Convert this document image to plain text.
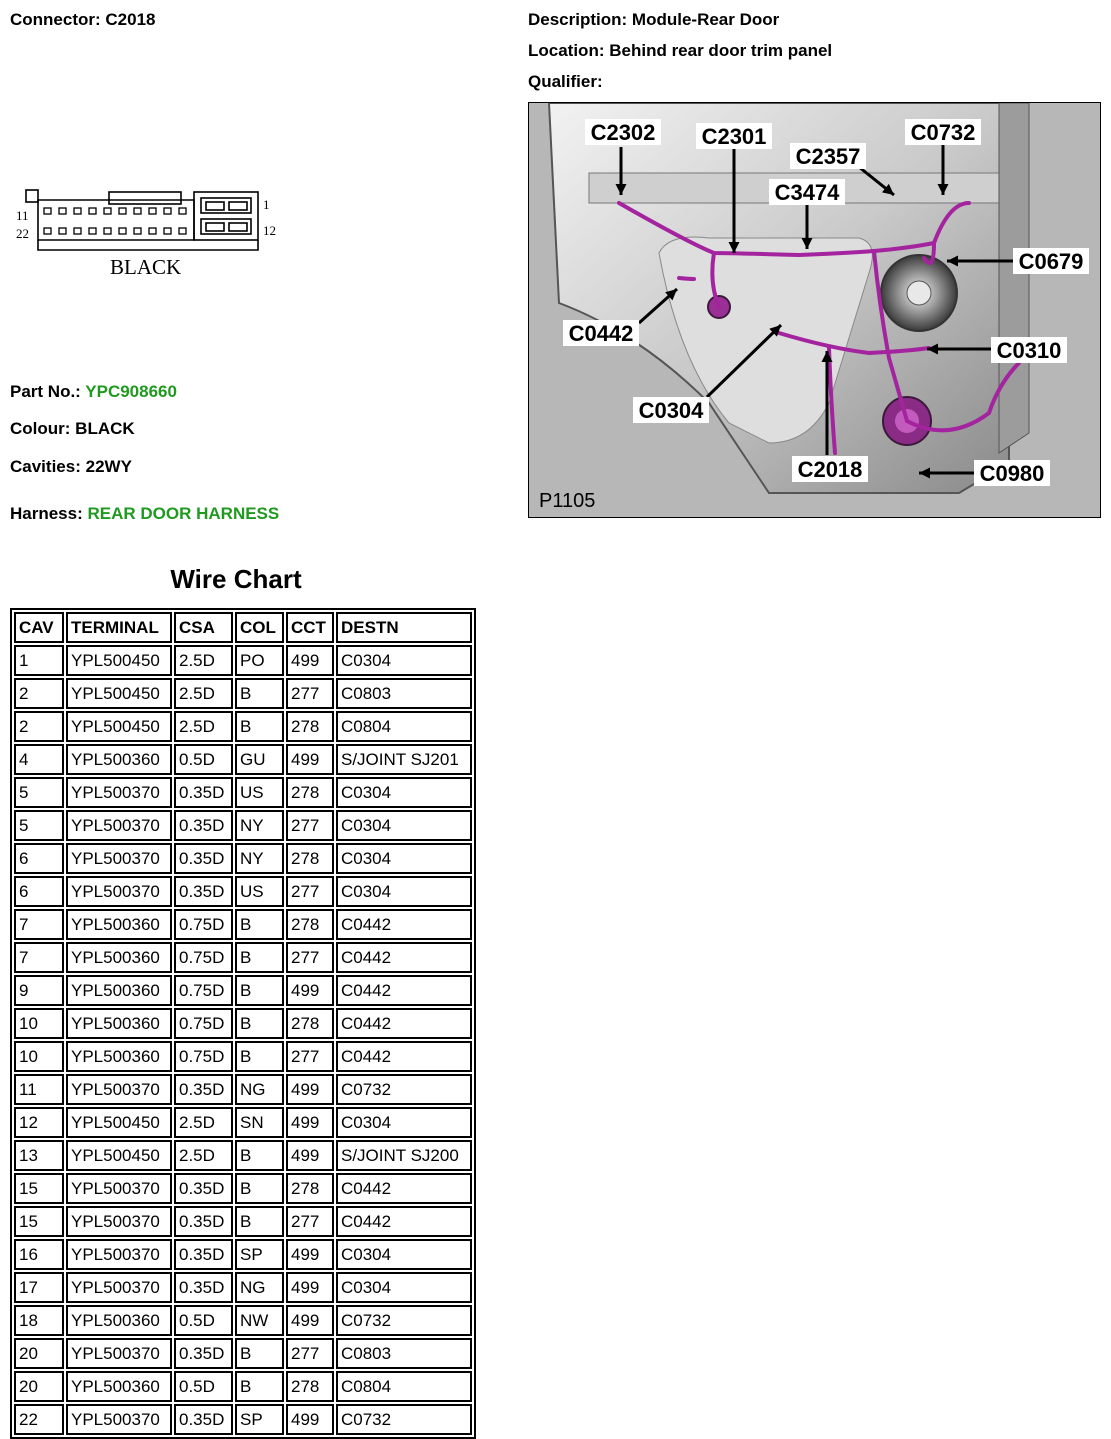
Connector: C2018	Description: Module-Rear Door
Location: Behind rear door trim panel
Qualifier:
11
22
1
12
BLACK
Part No.: YPC908660
Colour: BLACK
Cavities: 22WY
Harness: REAR DOOR HARNESS
P1105
C2302 C2301	C0732
C2357
C3474
C0679
C0442
C0310
C0304
C2018	C0980
Wire Chart
CAV	TERMINAL	CSA	COL	CCT	DESTN
1	YPL500450	2.5D	PO	499	C0304
2	YPL500450	2.5D	B	277	C0803
2	YPL500450	2.5D	B	278	C0804
4	YPL500360	0.5D	GU	499	S/JOINT SJ201
5	YPL500370	0.35D	US	278	C0304
5	YPL500370	0.35D	NY	277	C0304
6	YPL500370	0.35D	NY	278	C0304
6	YPL500370	0.35D	US	277	C0304
7	YPL500360	0.75D	B	278	C0442
7	YPL500360	0.75D	B	277	C0442
9	YPL500360	0.75D	B	499	C0442
10	YPL500360	0.75D	B	278	C0442
10	YPL500360	0.75D	B	277	C0442
11	YPL500370	0.35D	NG	499	C0732
12	YPL500450	2.5D	SN	499	C0304
13	YPL500450	2.5D	B	499	S/JOINT SJ200
15	YPL500370	0.35D	B	278	C0442
15	YPL500370	0.35D	B	277	C0442
16	YPL500370	0.35D	SP	499	C0304
17	YPL500370	0.35D	NG	499	C0304
18	YPL500360	0.5D	NW	499	C0732
20	YPL500370	0.35D	B	277	C0803
20	YPL500360	0.5D	B	278	C0804
22	YPL500370	0.35D	SP	499	C0732
